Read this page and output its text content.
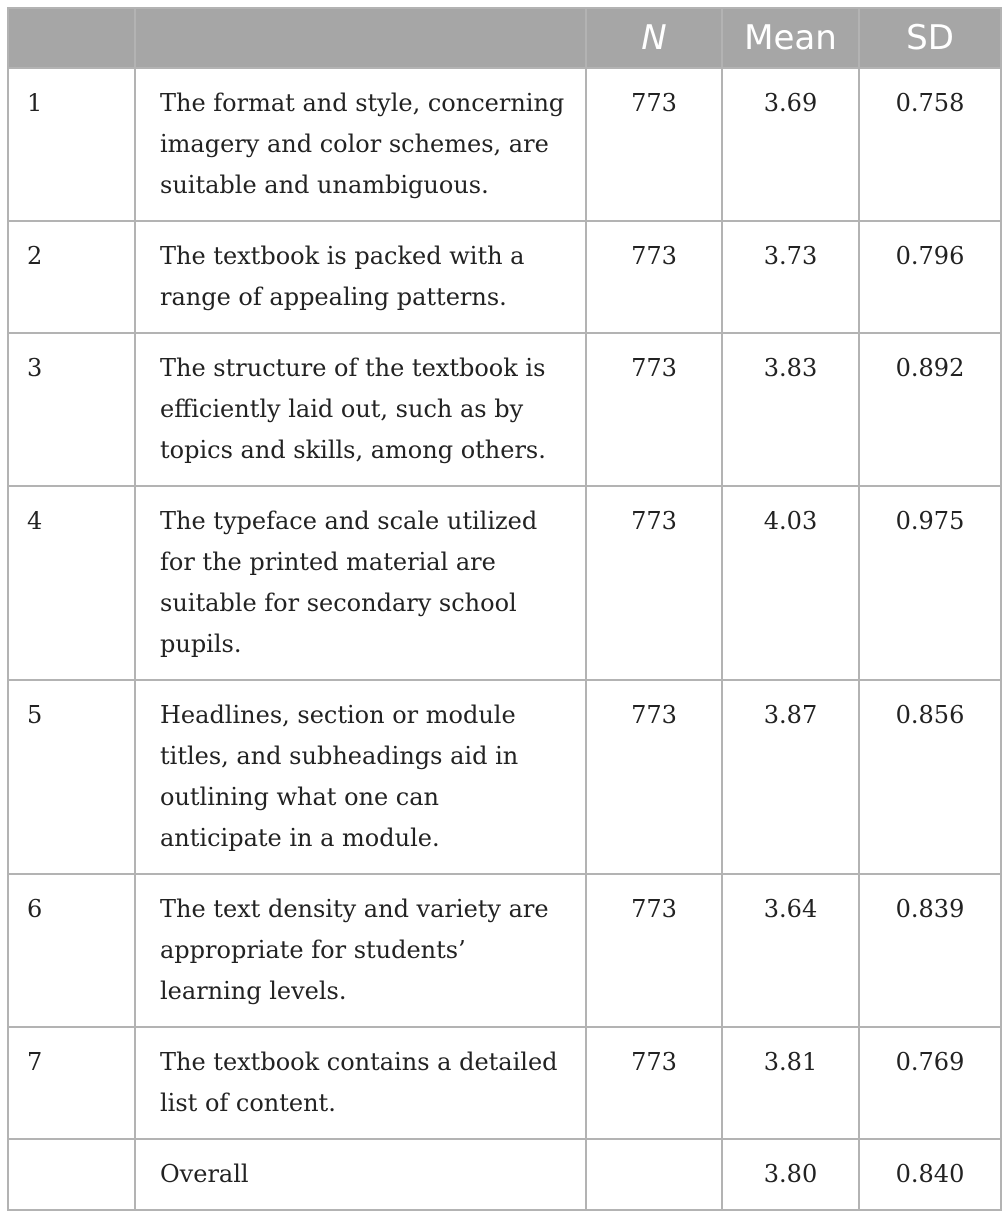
		N	Mean	SD
1	The format and style, concerning imagery and color schemes, are suitable and unambiguous.	773	3.69	0.758
2	The textbook is packed with a range of appealing patterns.	773	3.73	0.796
3	The structure of the textbook is efficiently laid out, such as by topics and skills, among others.	773	3.83	0.892
4	The typeface and scale utilized for the printed material are suitable for secondary school pupils.	773	4.03	0.975
5	Headlines, section or module titles, and subheadings aid in outlining what one can anticipate in a module.	773	3.87	0.856
6	The text density and variety are appropriate for students’ learning levels.	773	3.64	0.839
7	The textbook contains a detailed list of content.	773	3.81	0.769
	Overall		3.80	0.840
